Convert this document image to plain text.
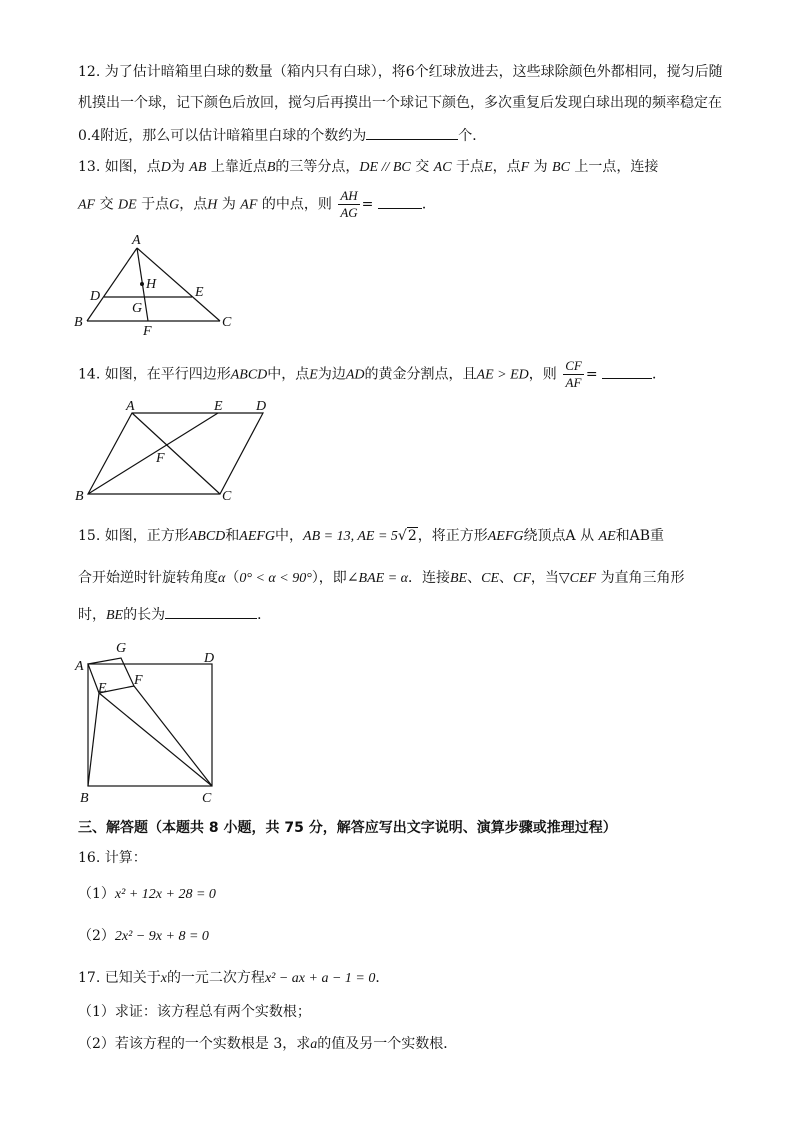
12. 为了估计暗箱里白球的数量（箱内只有白球），将6个红球放进去，这些球除颜色外都相同，搅匀后随
机摸出一个球，记下颜色后放回，搅匀后再摸出一个球记下颜色，多次重复后发现白球出现的频率稳定在
0.4附近，那么可以估计暗箱里白球的个数约为	个．
13. 如图，点D为 AB 上靠近点B的三等分点，DE // BC 交 AC 于点E，点F 为 BC 上一点，连接
AF 交 DE 于点G，点H 为 AF 的中点，则 $\frac{AH}{AG}$ =	．
A
B	C
D	E
F
G
H
14. 如图，在平行四边形ABCD中，点E为边AD的黄金分割点，且AE > ED，则 $\frac{CF}{AF}$ =	．
A	E D
B	C
F
15. 如图，正方形ABCD和AEFG中，AB = 13, AE = 5√2，将正方形AEFG绕顶点A 从 AE和AB重
合开始逆时针旋转角度α（0° < α < 90°），即∠BAE = α．连接BE、CE、CF，当▽CEF 为直角三角形
时，BE的长为	．
A
G
D
E
F
B	C
三、解答题（本题共 8 小题，共 75 分，解答应写出文字说明、演算步骤或推理过程）
16. 计算：
（1）x² + 12x + 28 = 0
（2）2x² − 9x + 8 = 0
17. 已知关于x的一元二次方程x² − ax + a − 1 = 0．
（1）求证：该方程总有两个实数根；
（2）若该方程的一个实数根是 3，求a的值及另一个实数根．
